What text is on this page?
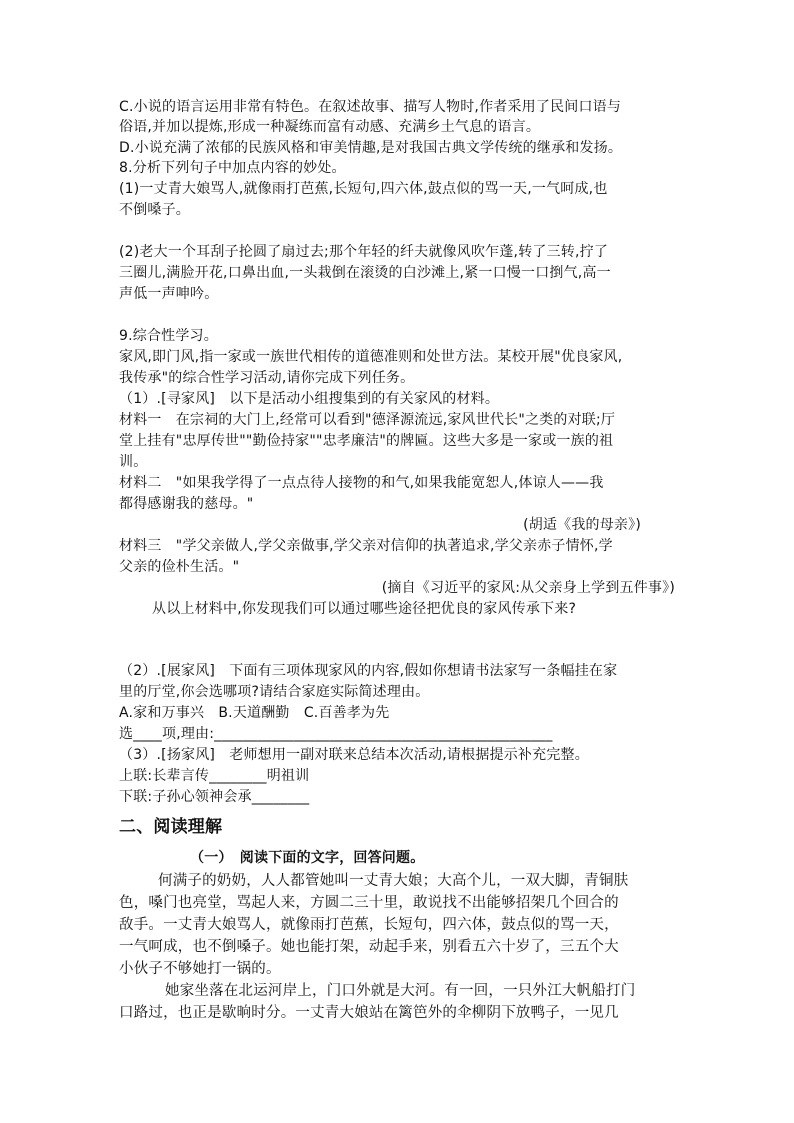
C.小说的语言运用非常有特色。在叙述故事、描写人物时,作者采用了民间口语与
俗语,并加以提炼,形成一种凝练而富有动感、充满乡土气息的语言。
D.小说充满了浓郁的民族风格和审美情趣,是对我国古典文学传统的继承和发扬。
8.分析下列句子中加点内容的妙处。
(1)一丈青大娘骂人,就像雨打芭蕉,长短句,四六体,鼓点似的骂一天,一气呵成,也
不倒嗓子。
(2)老大一个耳刮子抡圆了扇过去;那个年轻的纤夫就像风吹乍蓬,转了三转,拧了
三圈儿,满脸开花,口鼻出血,一头栽倒在滚烫的白沙滩上,紧一口慢一口捯气,高一
声低一声呻吟。
9.综合性学习。
家风,即门风,指一家或一族世代相传的道德准则和处世方法。某校开展"优良家风,
我传承"的综合性学习活动,请你完成下列任务。
（1）.[寻家风]　以下是活动小组搜集到的有关家风的材料。
材料一　在宗祠的大门上,经常可以看到"德泽源流远,家风世代长"之类的对联;厅
堂上挂有"忠厚传世""勤俭持家""忠孝廉洁"的牌匾。这些大多是一家或一族的祖
训。
材料二　"如果我学得了一点点待人接物的和气,如果我能宽恕人,体谅人——我
都得感谢我的慈母。"
(胡适《我的母亲》)
材料三　"学父亲做人,学父亲做事,学父亲对信仰的执著追求,学父亲赤子情怀,学
父亲的俭朴生活。"
(摘自《习近平的家风:从父亲身上学到五件事》)
从以上材料中,你发现我们可以通过哪些途径把优良的家风传承下来?
（2）.[展家风]　下面有三项体现家风的内容,假如你想请书法家写一条幅挂在家
里的厅堂,你会选哪项?请结合家庭实际简述理由。
A.家和万事兴　B.天道酬勤　C.百善孝为先
选____项,理由:_______________________________________________
（3）.[扬家风]　老师想用一副对联来总结本次活动,请根据提示补充完整。
上联:长辈言传________明祖训
下联:子孙心领神会承________
二、阅读理解
（一）　阅读下面的文字，回答问题。
何满子的奶奶，人人都管她叫一丈青大娘；大高个儿，一双大脚，青铜肤
色，嗓门也亮堂，骂起人来，方圆二三十里，敢说找不出能够招架几个回合的
敌手。一丈青大娘骂人，就像雨打芭蕉，长短句，四六体，鼓点似的骂一天，
一气呵成，也不倒嗓子。她也能打架，动起手来，别看五六十岁了，三五个大
小伙子不够她打一锅的。
她家坐落在北运河岸上，门口外就是大河。有一回，一只外江大帆船打门
口路过，也正是歇晌时分。一丈青大娘站在篱笆外的伞柳阴下放鸭子，一见几
